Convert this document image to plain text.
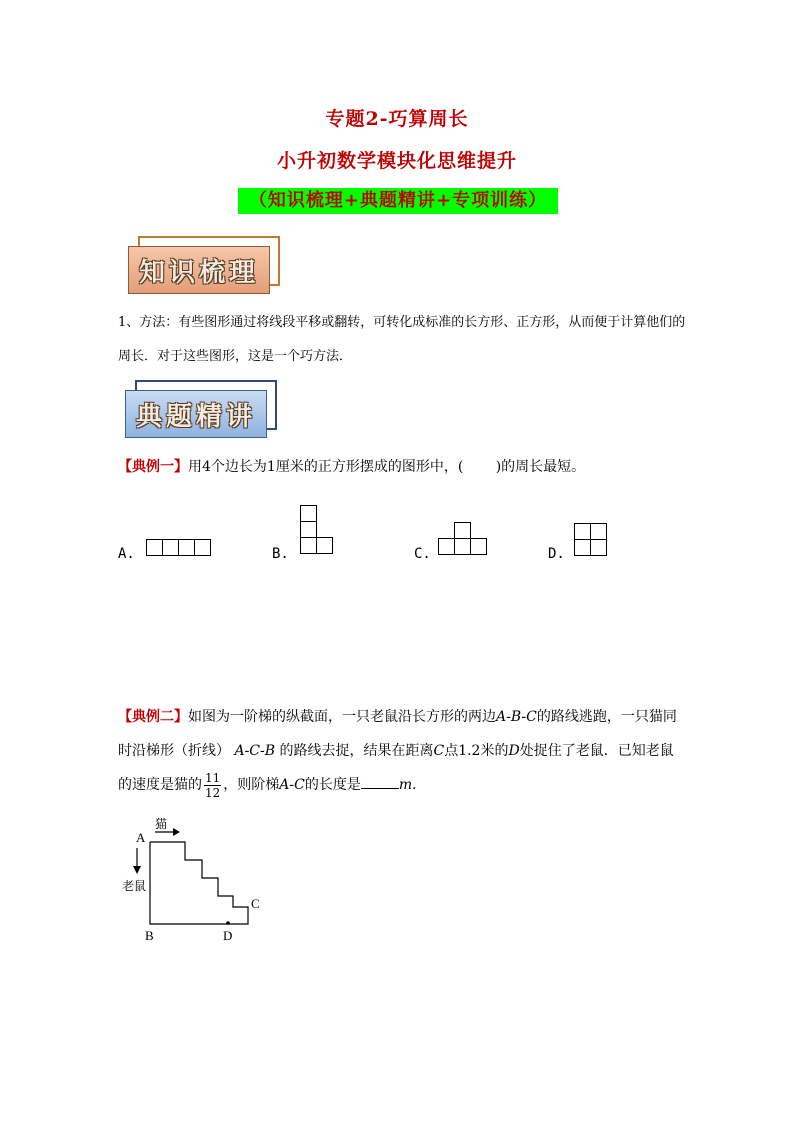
专题2-巧算周长
小升初数学模块化思维提升
（知识梳理+典题精讲+专项训练）
知识梳理
1、方法：有些图形通过将线段平移或翻转，可转化成标准的长方形、正方形，从而便于计算他们的周长．对于这些图形，这是一个巧方法．
典题精讲
【典例一】用4个边长为1厘米的正方形摆成的图形中，(　　 )的周长最短。
A.	B.	C.	D.
【典例二】如图为一阶梯的纵截面，一只老鼠沿长方形的两边A-B-C的路线逃跑，一只猫同时沿梯形（折线） A-C-B 的路线去捉，结果在距离C点1.2米的D处捉住了老鼠．已知老鼠的速度是猫的 $\frac{11}{12}$ ，则阶梯A-C的长度是	m．
猫
A
老鼠
C
B	D
